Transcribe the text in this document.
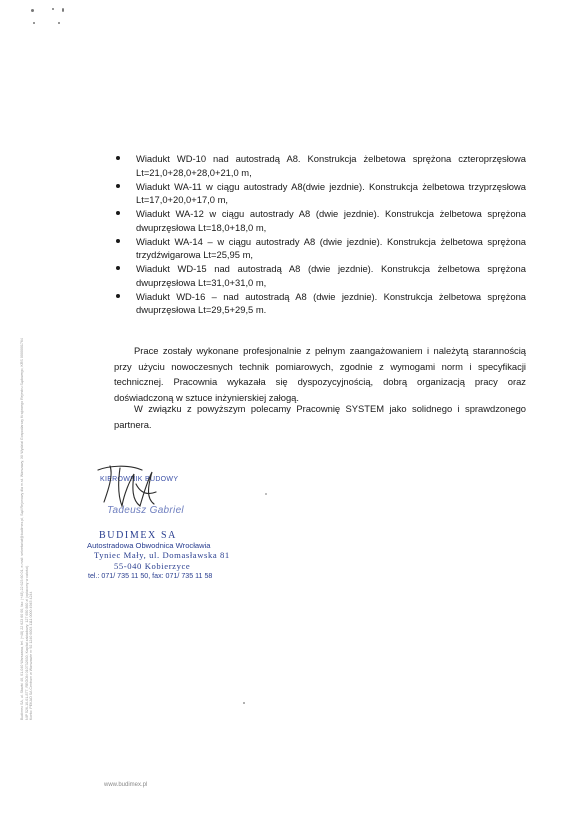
Budimex SA, ul. Stawki 40, 01-040 Warszawa, tel. (+48) 22 623 60 00, fax: (+48) 22 623 60 01, e-mail: sekretariat@budimex.pl, Sąd Rejonowy dla m.st. Warszawy, XII Wydział Gospodarczy Krajowego Rejestru Sądowego, KRS 0000001764 NIP 526-10-01-877, REGON 010732630, Kapitał zakładowy: 127 650 860 zł (opłacony w całości) Konto: PEKAO SA Centrum w Warszawie nr 92 1240 6003 1111 0000 4945 4244
Wiadukt WD-10 nad autostradą A8. Konstrukcja żelbetowa sprężona czteroprzęsłowa Lt=21,0+28,0+28,0+21,0 m,
Wiadukt WA-11 w ciągu autostrady A8(dwie jezdnie). Konstrukcja żelbetowa trzyprzęsłowa Lt=17,0+20,0+17,0 m,
Wiadukt WA-12 w ciągu autostrady A8 (dwie jezdnie). Konstrukcja żelbetowa sprężona dwuprzęsłowa Lt=18,0+18,0 m,
Wiadukt WA-14 – w ciągu autostrady A8 (dwie jezdnie). Konstrukcja żelbetowa sprężona trzydźwigarowa Lt=25,95 m,
Wiadukt WD-15 nad autostradą A8 (dwie jezdnie). Konstrukcja żelbetowa sprężona dwuprzęsłowa Lt=31,0+31,0 m,
Wiadukt WD-16 – nad autostradą A8 (dwie jezdnie). Konstrukcja żelbetowa sprężona dwuprzęsłowa Lt=29,5+29,5 m.

Prace zostały wykonane profesjonalnie z pełnym zaangażowaniem i należytą starannością przy użyciu nowoczesnych technik pomiarowych, zgodnie z wymogami norm i specyfikacji technicznej. Pracownia wykazała się dyspozycyjnością, dobrą organizacją pracy oraz doświadczoną w sztuce inżynierskiej załogą.

W związku z powyższym polecamy Pracownię SYSTEM jako solidnego i sprawdzonego partnera.

KIEROWNIK BUDOWY
Tadeusz Gabriel
BUDIMEX SA
Autostradowa Obwodnica Wrocławia
Tyniec Mały, ul. Domasławska 81
55-040 Kobierzyce
tel.: 071/ 735 11 50, fax: 071/ 735 11 58
www.budimex.pl
